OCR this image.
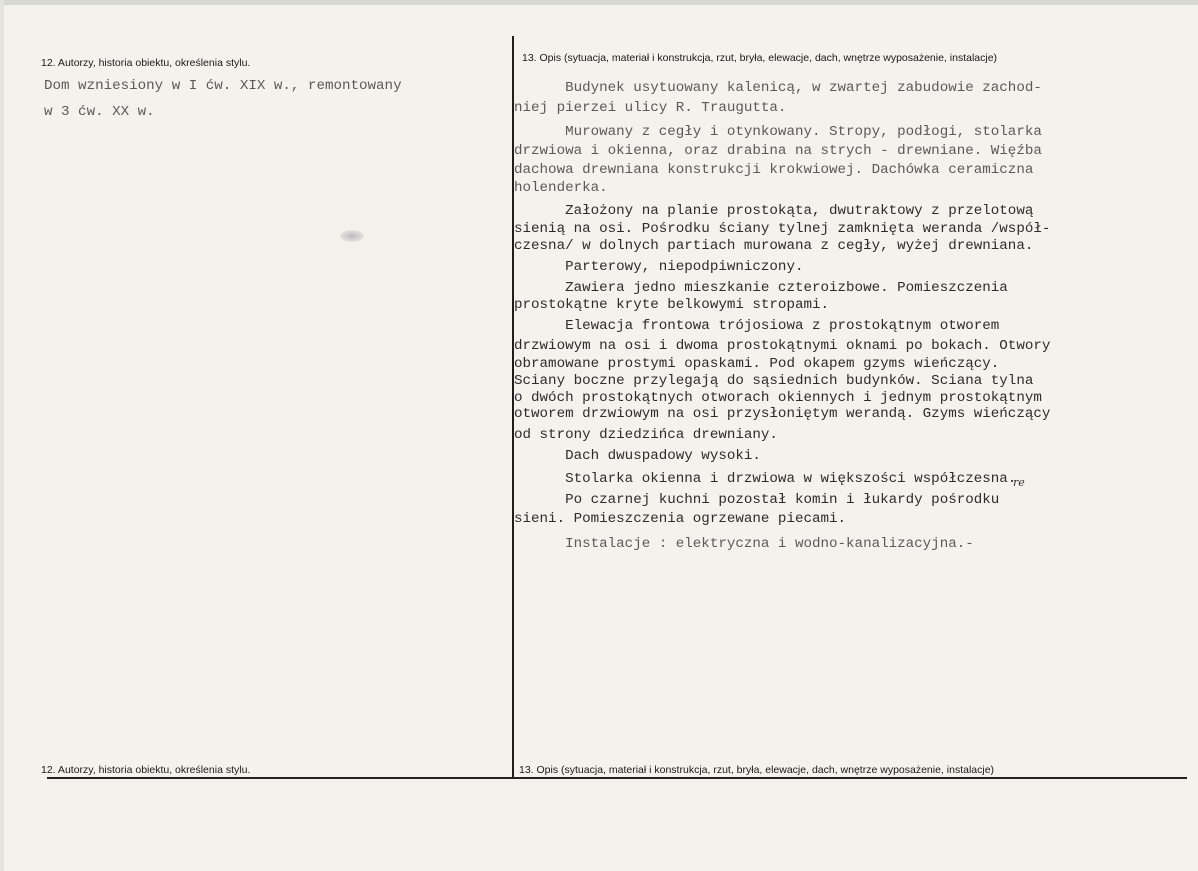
12. Autorzy, historia obiektu, określenia stylu.	13. Opis (sytuacja, materiał i konstrukcja, rzut, bryła, elewacje, dach, wnętrze wyposażenie, instalacje)
Dom wzniesiony w I ćw. XIX w., remontowany
w 3 ćw. XX w.
Budynek usytuowany kalenicą, w zwartej zabudowie zachod-
niej pierzei ulicy R. Traugutta.
Murowany z cegły i otynkowany. Stropy, podłogi, stolarka
drzwiowa i okienna, oraz drabina na strych - drewniane. Więźba
dachowa drewniana konstrukcji krokwiowej. Dachówka ceramiczna
holenderka.
Założony na planie prostokąta, dwutraktowy z przelotową
sienią na osi. Pośrodku ściany tylnej zamknięta weranda /współ-
czesna/ w dolnych partiach murowana z cegły, wyżej drewniana.
Parterowy, niepodpiwniczony.
Zawiera jedno mieszkanie czteroizbowe. Pomieszczenia
prostokątne kryte belkowymi stropami.
Elewacja frontowa trójosiowa z prostokątnym otworem
drzwiowym na osi i dwoma prostokątnymi oknami po bokach. Otwory
obramowane prostymi opaskami. Pod okapem gzyms wieńczący.
Sciany boczne przylegają do sąsiednich budynków. Sciana tylna
o dwóch prostokątnych otworach okiennych i jednym prostokątnym
otworem drzwiowym na osi przysłoniętym werandą. Gzyms wieńczący
od strony dziedzińca drewniany.
Dach dwuspadowy wysoki.
Stolarka okienna i drzwiowa w większości współczesna.
Po czarnej kuchni pozostał komin i łukardy pośrodku
sieni. Pomieszczenia ogrzewane piecami.
Instalacje : elektryczna i wodno-kanalizacyjna.-
re
12. Autorzy, historia obiektu, określenia stylu.	13. Opis (sytuacja, materiał i konstrukcja, rzut, bryła, elewacje, dach, wnętrze wyposażenie, instalacje)
